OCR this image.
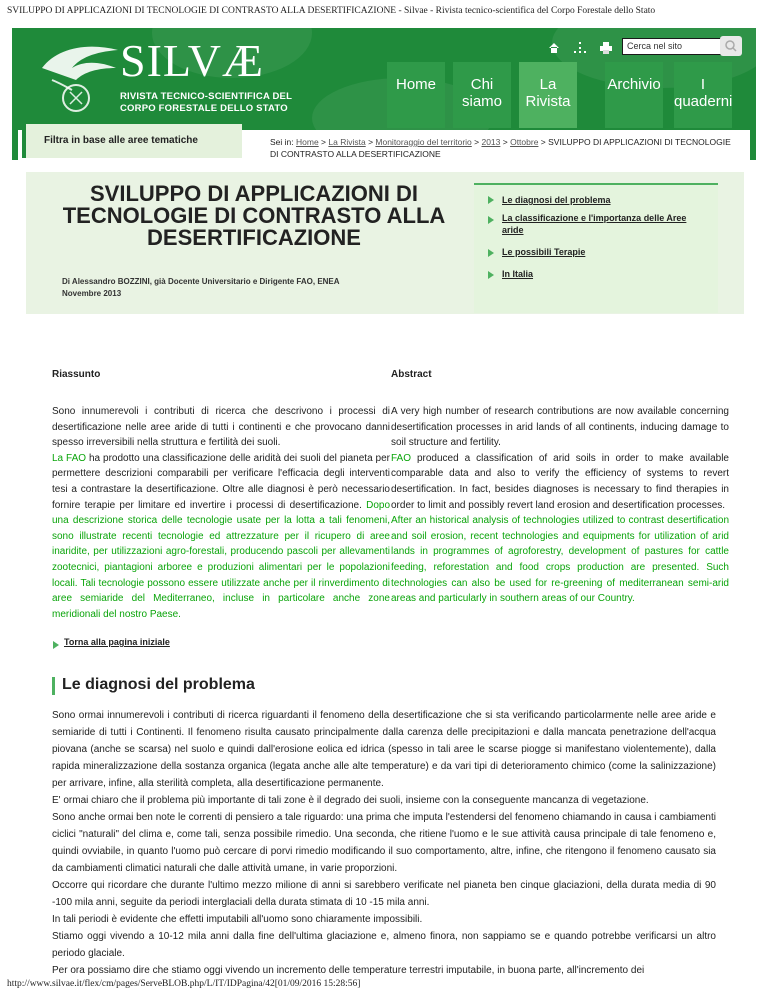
SVILUPPO DI APPLICAZIONI DI TECNOLOGIE DI CONTRASTO ALLA DESERTIFICAZIONE - Silvae - Rivista tecnico-scientifica del Corpo Forestale dello Stato
SILVÆ
RIVISTA TECNICO-SCIENTIFICA DEL
CORPO FORESTALE DELLO STATO
Cerca nel sito
Home	Chi siamo
La Rivista
Archivio	I quaderni
Filtra in base alle aree tematiche	Sei in: Home > La Rivista > Monitoraggio del territorio > 2013 > Ottobre > SVILUPPO DI APPLICAZIONI DI TECNOLOGIE DI CONTRASTO ALLA DESERTIFICAZIONE
SVILUPPO DI APPLICAZIONI DI TECNOLOGIE DI CONTRASTO ALLA DESERTIFICAZIONE
Di Alessandro BOZZINI, già Docente Universitario e Dirigente FAO, ENEA
Novembre 2013
Le diagnosi del problema
La classificazione e l'importanza delle Aree aride
Le possibili Terapie
In Italia
Riassunto	Abstract

Sono innumerevoli i contributi di ricerca che descrivono i processi di desertificazione nelle aree aride di tutti i continenti e che provocano danni spesso irreversibili nella struttura e fertilità dei suoli.

La FAO ha prodotto una classificazione delle aridità dei suoli del pianeta per permettere descrizioni comparabili per verificare l'efficacia degli interventi tesi a contrastare la desertificazione. Oltre alle diagnosi è però necessario fornire terapie per limitare ed invertire i processi di desertificazione. Dopo una descrizione storica delle tecnologie usate per la lotta a tali fenomeni, sono illustrate recenti tecnologie ed attrezzature per il ricupero di aree inaridite, per utilizzazioni agro-forestali, producendo pascoli per allevamenti zootecnici, piantagioni arboree e produzioni alimentari per le popolazioni locali. Tali tecnologie possono essere utilizzate anche per il rinverdimento di aree semiaride del Mediterraneo, incluse in particolare anche zone meridionali del nostro Paese.

A very high number of research contributions are now available concerning desertification processes in arid lands of all continents, inducing damage to soil structure and fertility.

FAO produced a classification of arid soils in order to make available comparable data and also to verify the efficiency of systems to revert desertification. In fact, besides diagnoses is necessary to find therapies in order to limit and possibly revert land erosion and desertification processes.

After an historical analysis of technologies utilized to contrast desertification and soil erosion, recent technologies and equipments for utilization of arid lands in programmes of agroforestry, development of pastures for cattle feeding, reforestation and food crops production are presented. Such technologies can also be used for re-greening of mediterranean semi-arid areas and particularly in southern areas of our Country.

Torna alla pagina iniziale
Le diagnosi del problema

Sono ormai innumerevoli i contributi di ricerca riguardanti il fenomeno della desertificazione che si sta verificando particolarmente nelle aree aride e semiaride di tutti i Continenti. Il fenomeno risulta causato principalmente dalla carenza delle precipitazioni e dalla mancata penetrazione dell'acqua piovana (anche se scarsa) nel suolo e quindi dall'erosione eolica ed idrica (spesso in tali aree le scarse piogge si manifestano violentemente), dalla rapida mineralizzazione della sostanza organica (legata anche alle alte temperature) e da vari tipi di deterioramento chimico (come la salinizzazione) per arrivare, infine, alla sterilità completa, alla desertificazione permanente.

E' ormai chiaro che il problema più importante di tali zone è il degrado dei suoli, insieme con la conseguente mancanza di vegetazione.

Sono anche ormai ben note le correnti di pensiero a tale riguardo: una prima che imputa l'estendersi del fenomeno chiamando in causa i cambiamenti ciclici "naturali" del clima e, come tali, senza possibile rimedio. Una seconda, che ritiene l'uomo e le sue attività causa principale di tale fenomeno e, quindi ovviabile, in quanto l'uomo può cercare di porvi rimedio modificando il suo comportamento, altre, infine, che ritengono il fenomeno causato sia da cambiamenti climatici naturali che dalle attività umane, in varie proporzioni.

Occorre qui ricordare che durante l'ultimo mezzo milione di anni si sarebbero verificate nel pianeta ben cinque glaciazioni, della durata media di 90 -100 mila anni, seguite da periodi interglaciali della durata stimata di 10 -15 mila anni.

In tali periodi è evidente che effetti imputabili all'uomo sono chiaramente impossibili.

Stiamo oggi vivendo a 10-12 mila anni dalla fine dell'ultima glaciazione e, almeno finora, non sappiamo se e quando potrebbe verificarsi un altro periodo glaciale.

Per ora possiamo dire che stiamo oggi vivendo un incremento delle temperature terrestri imputabile, in buona parte, all'incremento dei

http://www.silvae.it/flex/cm/pages/ServeBLOB.php/L/IT/IDPagina/42[01/09/2016 15:28:56]
